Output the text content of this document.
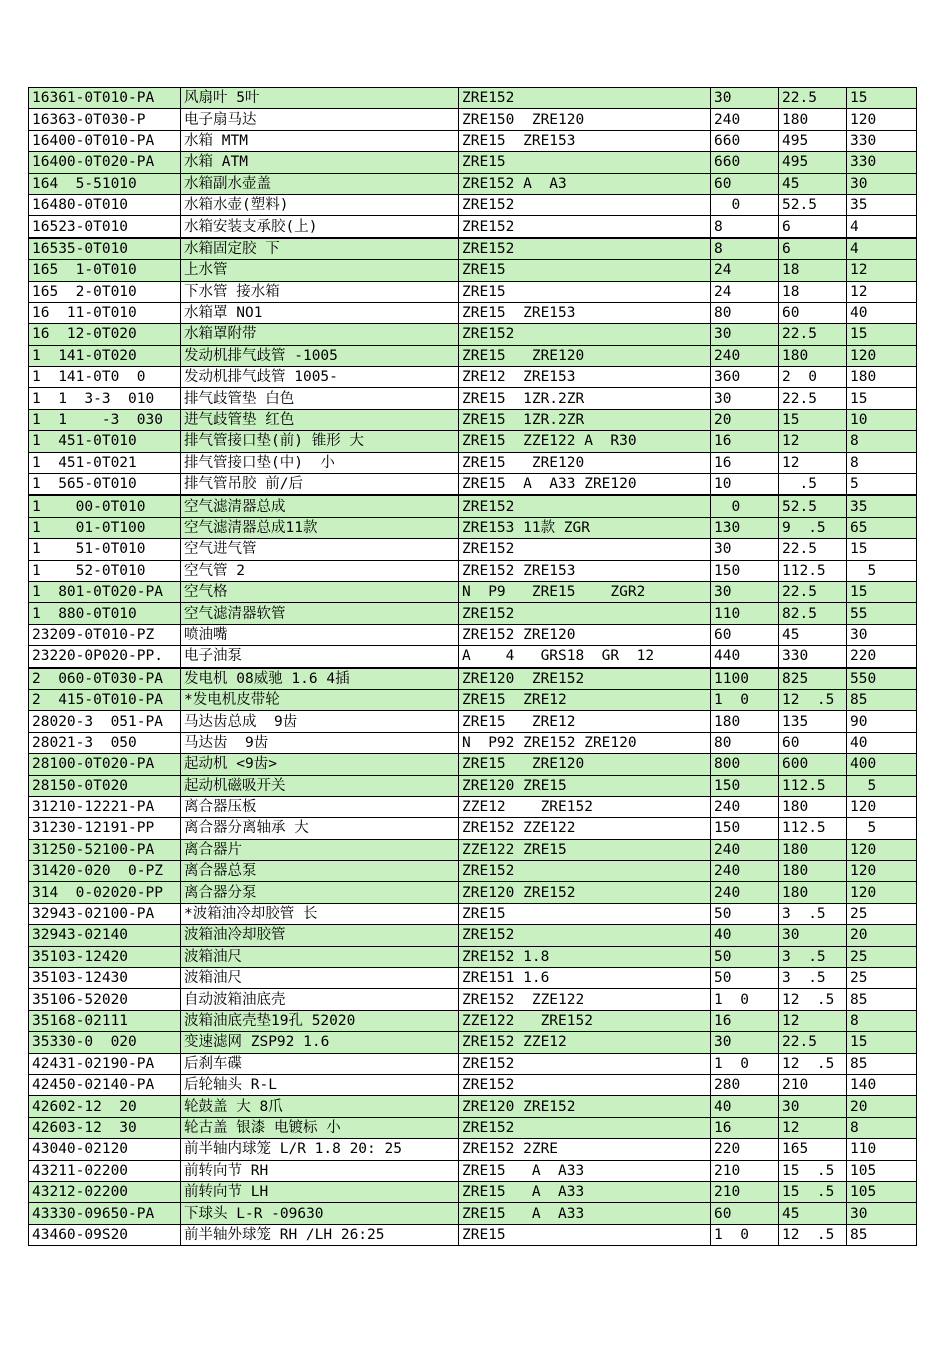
16361-0T010-PA	风扇叶 5叶	ZRE152	30	22.5	15
16363-0T030-P	电子扇马达	ZRE150  ZRE120	240	180	120
16400-0T010-PA	水箱 MTM	ZRE15  ZRE153	660	495	330
16400-0T020-PA	水箱 ATM	ZRE15	660	495	330
164  5-51010	水箱副水壶盖	ZRE152 A  A3	60	45	30
16480-0T010	水箱水壶(塑料)	ZRE152	0	52.5	35
16523-0T010	水箱安装支承胶(上)	ZRE152	8	6	4
16535-0T010	水箱固定胶 下	ZRE152	8	6	4
165  1-0T010	上水管	ZRE15	24	18	12
165  2-0T010	下水管 接水箱	ZRE15	24	18	12
16  11-0T010	水箱罩 NO1	ZRE15  ZRE153	80	60	40
16  12-0T020	水箱罩附带	ZRE152	30	22.5	15
1  141-0T020	发动机排气歧管 -1005	ZRE15   ZRE120	240	180	120
1  141-0T0  0	发动机排气歧管 1005-	ZRE12  ZRE153	360	2  0	180
1  1  3-3  010	排气歧管垫 白色	ZRE15  1ZR.2ZR	30	22.5	15
1  1    -3  030	进气歧管垫 红色	ZRE15  1ZR.2ZR	20	15	10
1  451-0T010	排气管接口垫(前) 锥形 大	ZRE15  ZZE122 A  R30	16	12	8
1  451-0T021	排气管接口垫(中)  小	ZRE15   ZRE120	16	12	8
1  565-0T010	排气管吊胶 前/后	ZRE15  A  A33 ZRE120	10	.5	5
1    00-0T010	空气滤清器总成	ZRE152	0	52.5	35
1    01-0T100	空气滤清器总成11款	ZRE153 11款 ZGR	130	9  .5	65
1    51-0T010	空气进气管	ZRE152	30	22.5	15
1    52-0T010	空气管 2	ZRE152 ZRE153	150	112.5	5
1  801-0T020-PA	空气格	N  P9   ZRE15    ZGR2	30	22.5	15
1  880-0T010	空气滤清器软管	ZRE152	110	82.5	55
23209-0T010-PZ	喷油嘴	ZRE152 ZRE120	60	45	30
23220-0P020-PP.	电子油泵	A    4   GRS18  GR  12	440	330	220
2  060-0T030-PA	发电机 08威驰 1.6 4插	ZRE120  ZRE152	1100	825	550
2  415-0T010-PA	*发电机皮带轮	ZRE15  ZRE12	1  0	12  .5	85
28020-3  051-PA	马达齿总成  9齿	ZRE15   ZRE12	180	135	90
28021-3  050	马达齿  9齿	N  P92 ZRE152 ZRE120	80	60	40
28100-0T020-PA	起动机 <9齿>	ZRE15   ZRE120	800	600	400
28150-0T020	起动机磁吸开关	ZRE120 ZRE15	150	112.5	5
31210-12221-PA	离合器压板	ZZE12    ZRE152	240	180	120
31230-12191-PP	离合器分离轴承 大	ZRE152 ZZE122	150	112.5	5
31250-52100-PA	离合器片	ZZE122 ZRE15	240	180	120
31420-020  0-PZ	离合器总泵	ZRE152	240	180	120
314  0-02020-PP	离合器分泵	ZRE120 ZRE152	240	180	120
32943-02100-PA	*波箱油冷却胶管 长	ZRE15	50	3  .5	25
32943-02140	波箱油冷却胶管	ZRE152	40	30	20
35103-12420	波箱油尺	ZRE152 1.8	50	3  .5	25
35103-12430	波箱油尺	ZRE151 1.6	50	3  .5	25
35106-52020	自动波箱油底壳	ZRE152  ZZE122	1  0	12  .5	85
35168-02111	波箱油底壳垫19孔 52020	ZZE122   ZRE152	16	12	8
35330-0  020	变速滤网 ZSP92 1.6	ZRE152 ZZE12	30	22.5	15
42431-02190-PA	后刹车碟	ZRE152	1  0	12  .5	85
42450-02140-PA	后轮轴头 R-L	ZRE152	280	210	140
42602-12  20	轮鼓盖 大 8爪	ZRE120 ZRE152	40	30	20
42603-12  30	轮古盖 银漆 电镀标 小	ZRE152	16	12	8
43040-02120	前半轴内球笼 L/R 1.8 20: 25	ZRE152 2ZRE	220	165	110
43211-02200	前转向节 RH	ZRE15   A  A33	210	15  .5	105
43212-02200	前转向节 LH	ZRE15   A  A33	210	15  .5	105
43330-09650-PA	下球头 L-R -09630	ZRE15   A  A33	60	45	30
43460-09S20	前半轴外球笼 RH /LH 26:25	ZRE15	1  0	12  .5	85
